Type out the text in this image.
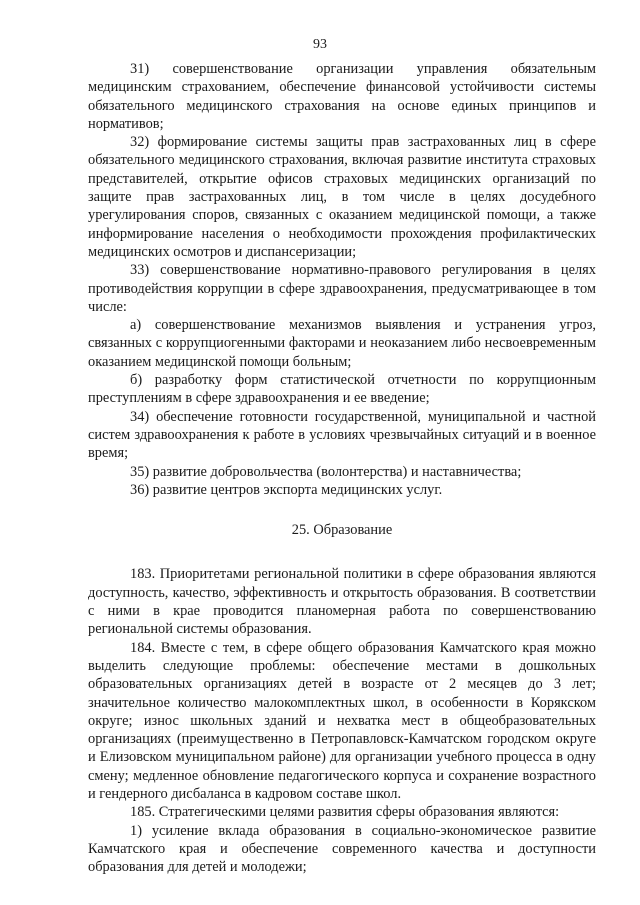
93

31) совершенствование организации управления обязательным медицинским страхованием, обеспечение финансовой устойчивости системы обязательного медицинского страхования на основе единых принципов и нормативов;

32) формирование системы защиты прав застрахованных лиц в сфере обязательного медицинского страхования, включая развитие института страховых представителей, открытие офисов страховых медицинских организаций по защите прав застрахованных лиц, в том числе в целях досудебного урегулирования споров, связанных с оказанием медицинской помощи, а также информирование населения о необходимости прохождения профилактических медицинских осмотров и диспансеризации;

33) совершенствование нормативно-правового регулирования в целях противодействия коррупции в сфере здравоохранения, предусматривающее в том числе:

а) совершенствование механизмов выявления и устранения угроз, связанных с коррупциогенными факторами и неоказанием либо несвоевременным оказанием медицинской помощи больным;

б) разработку форм статистической отчетности по коррупционным преступлениям в сфере здравоохранения и ее введение;

34) обеспечение готовности государственной, муниципальной и частной систем здравоохранения к работе в условиях чрезвычайных ситуаций и в военное время;

35) развитие добровольчества (волонтерства) и наставничества;

36) развитие центров экспорта медицинских услуг.

25. Образование

183. Приоритетами региональной политики в сфере образования являются доступность, качество, эффективность и открытость образования. В соответствии с ними в крае проводится планомерная работа по совершенствованию региональной системы образования.

184. Вместе с тем, в сфере общего образования Камчатского края можно выделить следующие проблемы: обеспечение местами в дошкольных образовательных организациях детей в возрасте от 2 месяцев до 3 лет; значительное количество малокомплектных школ, в особенности в Корякском округе; износ школьных зданий и нехватка мест в общеобразовательных организациях (преимущественно в Петропавловск-Камчатском городском округе и Елизовском муниципальном районе) для организации учебного процесса в одну смену; медленное обновление педагогического корпуса и сохранение возрастного и гендерного дисбаланса в кадровом составе школ.

185. Стратегическими целями развития сферы образования являются:

1) усиление вклада образования в социально-экономическое развитие Камчатского края и обеспечение современного качества и доступности образования для детей и молодежи;
